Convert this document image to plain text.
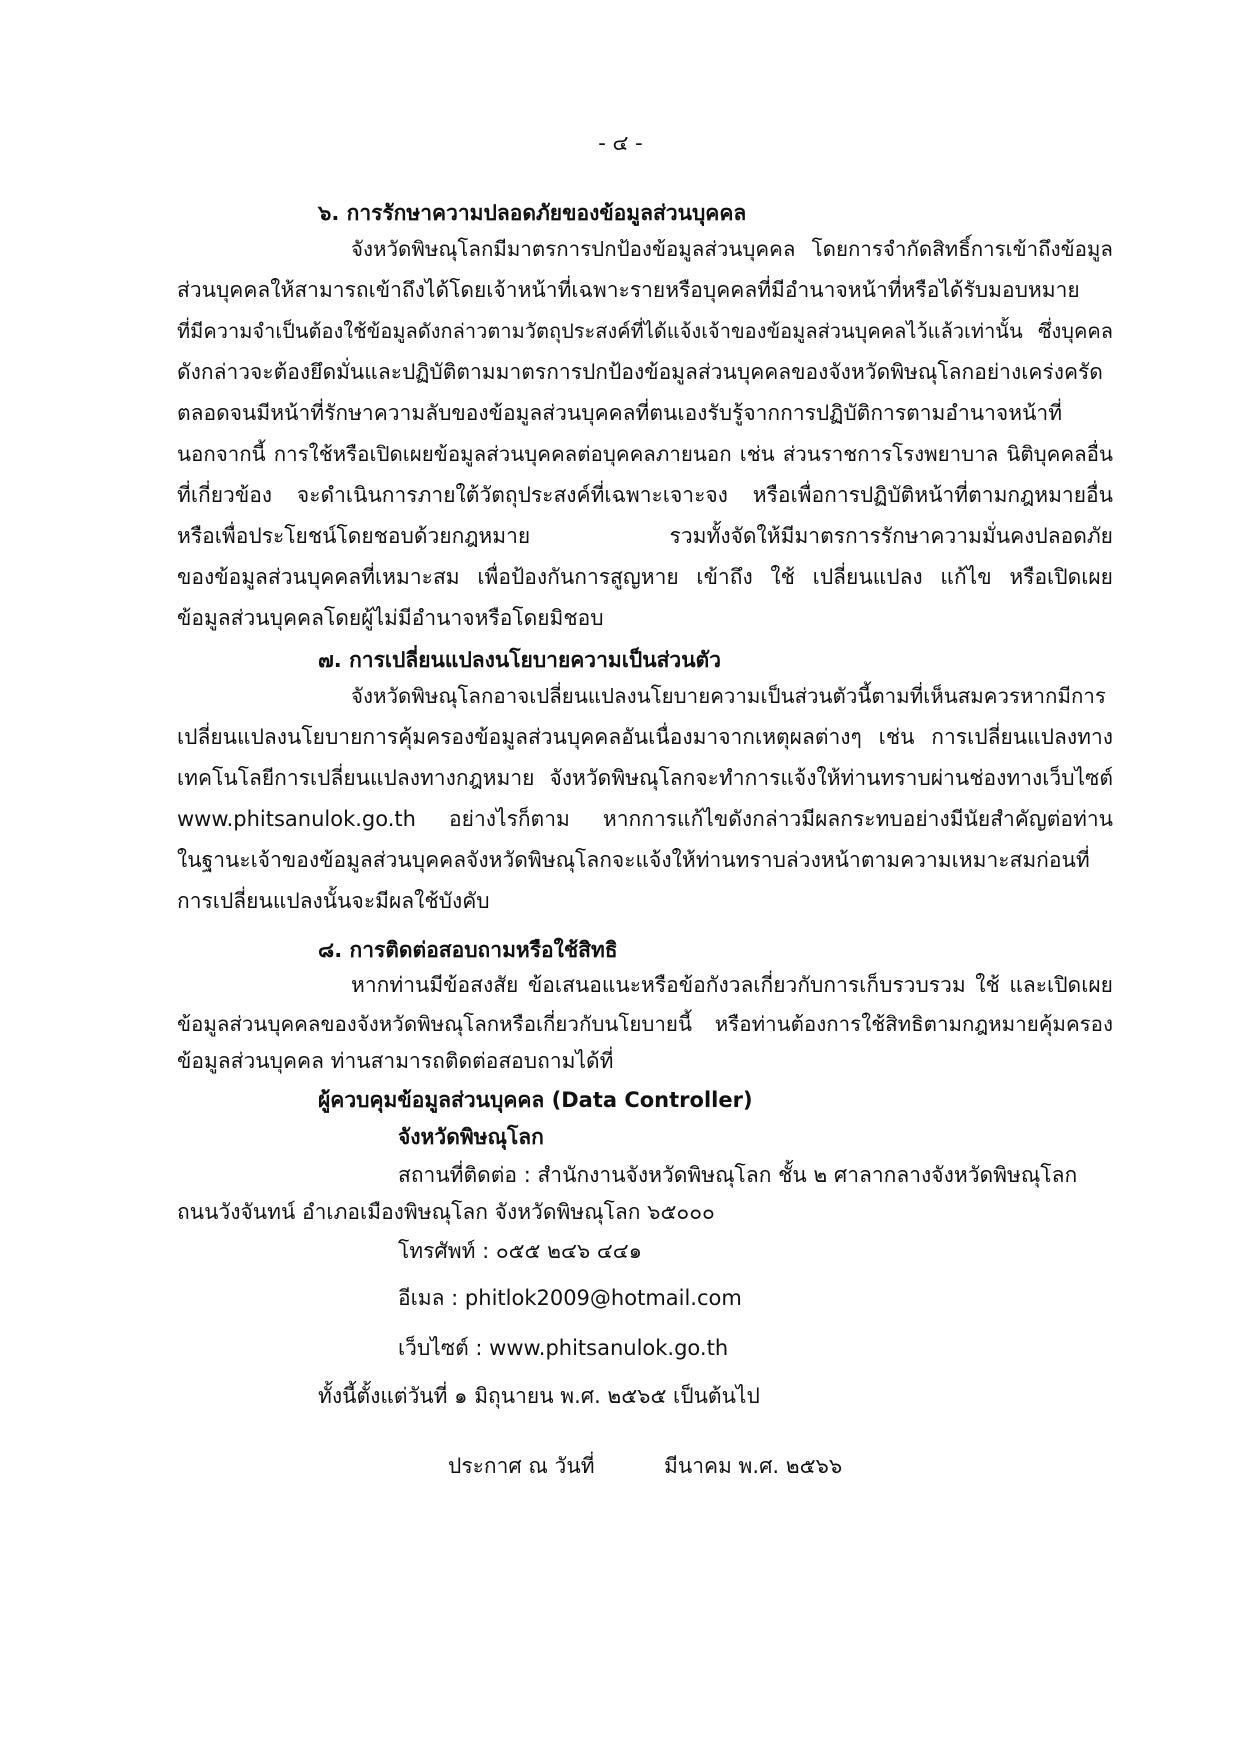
- ๔ -
๖. การรักษาความปลอดภัยของข้อมูลส่วนบุคคล
จังหวัดพิษณุโลกมีมาตรการปกป้องข้อมูลส่วนบุคคล โดยการจำกัดสิทธิ์การเข้าถึงข้อมูล
ส่วนบุคคลให้สามารถเข้าถึงได้โดยเจ้าหน้าที่เฉพาะรายหรือบุคคลที่มีอำนาจหน้าที่หรือได้รับมอบหมาย
ที่มีความจำเป็นต้องใช้ข้อมูลดังกล่าวตามวัตถุประสงค์ที่ได้แจ้งเจ้าของข้อมูลส่วนบุคคลไว้แล้วเท่านั้น ซึ่งบุคคล
ดังกล่าวจะต้องยึดมั่นและปฏิบัติตามมาตรการปกป้องข้อมูลส่วนบุคคลของจังหวัดพิษณุโลกอย่างเคร่งครัด
ตลอดจนมีหน้าที่รักษาความลับของข้อมูลส่วนบุคคลที่ตนเองรับรู้จากการปฏิบัติการตามอำนาจหน้าที่
นอกจากนี้ การใช้หรือเปิดเผยข้อมูลส่วนบุคคลต่อบุคคลภายนอก เช่น ส่วนราชการโรงพยาบาล นิติบุคคลอื่น
ที่เกี่ยวข้อง จะดำเนินการภายใต้วัตถุประสงค์ที่เฉพาะเจาะจง หรือเพื่อการปฏิบัติหน้าที่ตามกฎหมายอื่น
หรือเพื่อประโยชน์โดยชอบด้วยกฎหมาย รวมทั้งจัดให้มีมาตรการรักษาความมั่นคงปลอดภัย
ของข้อมูลส่วนบุคคลที่เหมาะสม เพื่อป้องกันการสูญหาย เข้าถึง ใช้ เปลี่ยนแปลง แก้ไข หรือเปิดเผย
ข้อมูลส่วนบุคคลโดยผู้ไม่มีอำนาจหรือโดยมิชอบ
๗. การเปลี่ยนแปลงนโยบายความเป็นส่วนตัว
จังหวัดพิษณุโลกอาจเปลี่ยนแปลงนโยบายความเป็นส่วนตัวนี้ตามที่เห็นสมควรหากมีการ
เปลี่ยนแปลงนโยบายการคุ้มครองข้อมูลส่วนบุคคลอันเนื่องมาจากเหตุผลต่างๆ เช่น การเปลี่ยนแปลงทาง
เทคโนโลยีการเปลี่ยนแปลงทางกฎหมาย จังหวัดพิษณุโลกจะทำการแจ้งให้ท่านทราบผ่านช่องทางเว็บไซต์
www.phitsanulok.go.th อย่างไรก็ตาม หากการแก้ไขดังกล่าวมีผลกระทบอย่างมีนัยสำคัญต่อท่าน
ในฐานะเจ้าของข้อมูลส่วนบุคคลจังหวัดพิษณุโลกจะแจ้งให้ท่านทราบล่วงหน้าตามความเหมาะสมก่อนที่
การเปลี่ยนแปลงนั้นจะมีผลใช้บังคับ
๘. การติดต่อสอบถามหรือใช้สิทธิ
หากท่านมีข้อสงสัย ข้อเสนอแนะหรือข้อกังวลเกี่ยวกับการเก็บรวบรวม ใช้ และเปิดเผย
ข้อมูลส่วนบุคคลของจังหวัดพิษณุโลกหรือเกี่ยวกับนโยบายนี้ หรือท่านต้องการใช้สิทธิตามกฎหมายคุ้มครอง
ข้อมูลส่วนบุคคล ท่านสามารถติดต่อสอบถามได้ที่
ผู้ควบคุมข้อมูลส่วนบุคคล (Data Controller)
จังหวัดพิษณุโลก
สถานที่ติดต่อ : สำนักงานจังหวัดพิษณุโลก ชั้น ๒ ศาลากลางจังหวัดพิษณุโลก
ถนนวังจันทน์ อำเภอเมืองพิษณุโลก จังหวัดพิษณุโลก ๖๕๐๐๐
โทรศัพท์ : ๐๕๕ ๒๔๖ ๔๔๑
อีเมล : phitlok2009@hotmail.com
เว็บไซต์ : www.phitsanulok.go.th
ทั้งนี้ตั้งแต่วันที่ ๑ มิถุนายน พ.ศ. ๒๕๖๕ เป็นต้นไป
ประกาศ ณ วันที่	มีนาคม พ.ศ. ๒๕๖๖
